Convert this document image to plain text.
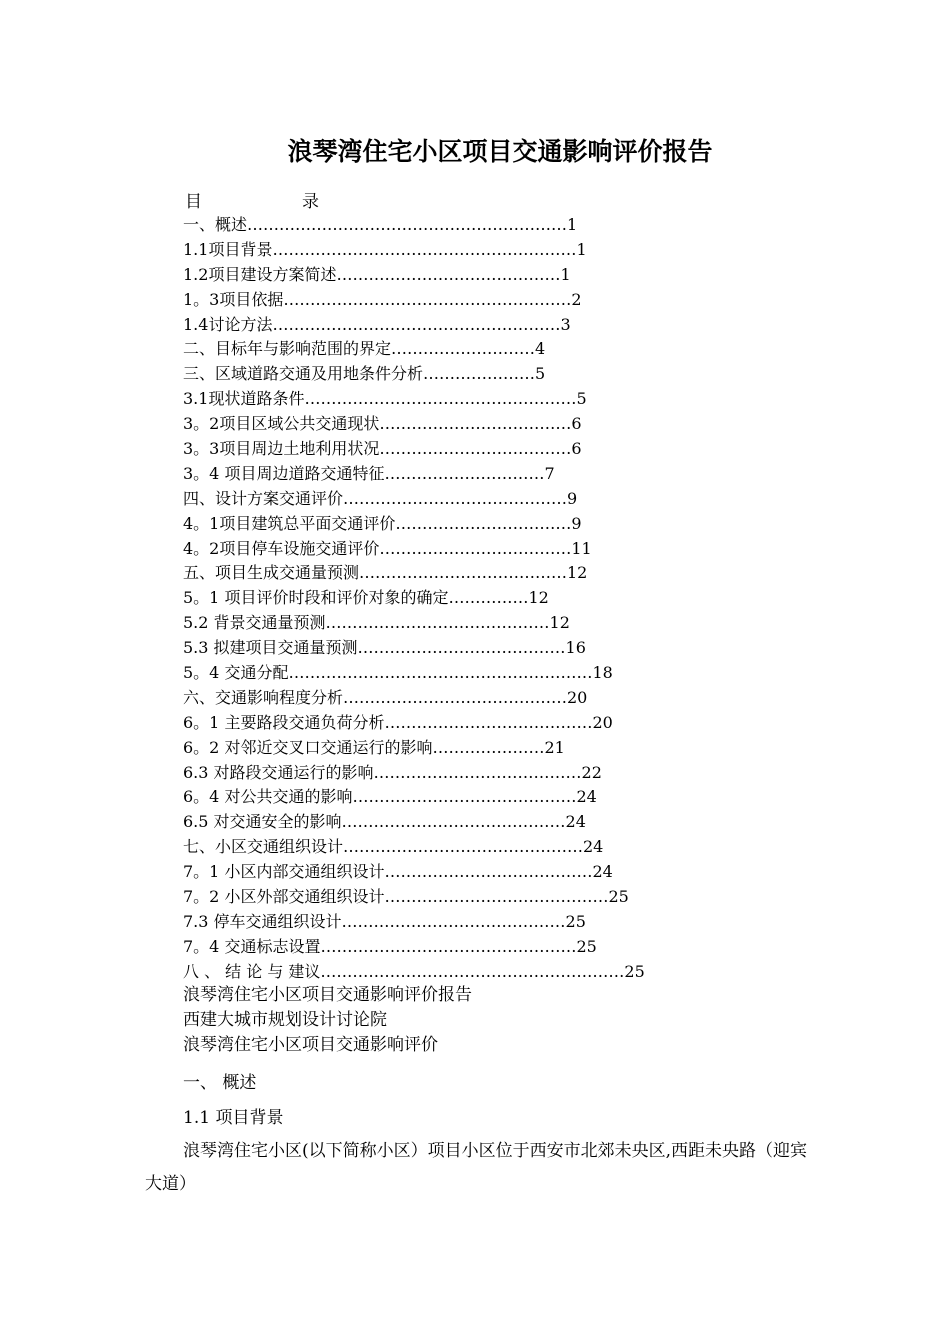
浪琴湾住宅小区项目交通影响评价报告
目	录
一、概述……………………………………………………1
1.1项目背景…………………………………………………1
1.2项目建设方案简述……………………………………1
1。3项目依据………………………………………………2
1.4讨论方法………………………………………………3
二、目标年与影响范围的界定………………………4
三、区域道路交通及用地条件分析…………………5
3.1现状道路条件……………………………………………5
3。2项目区域公共交通现状………………………………6
3。3项目周边土地利用状况………………………………6
3。4 项目周边道路交通特征…………………………7
四、设计方案交通评价……………………………………9
4。1项目建筑总平面交通评价……………………………9
4。2项目停车设施交通评价………………………………11
五、项目生成交通量预测…………………………………12
5。1 项目评价时段和评价对象的确定……………12
5.2 背景交通量预测……………………………………12
5.3 拟建项目交通量预测…………………………………16
5。4 交通分配…………………………………………………18
六、交通影响程度分析……………………………………20
6。1 主要路段交通负荷分析…………………………………20
6。2 对邻近交叉口交通运行的影响…………………21
6.3 对路段交通运行的影响…………………………………22
6。4 对公共交通的影响……………………………………24
6.5 对交通安全的影响……………………………………24
七、小区交通组织设计………………………………………24
7。1 小区内部交通组织设计…………………………………24
7。2 小区外部交通组织设计……………………………………25
7.3 停车交通组织设计……………………………………25
7。4 交通标志设置…………………………………………25
八 、 结 论 与 建议…………………………………………………25
浪琴湾住宅小区项目交通影响评价报告
西建大城市规划设计讨论院
浪琴湾住宅小区项目交通影响评价
一、 概述
1.1 项目背景
浪琴湾住宅小区(以下简称小区）项目小区位于西安市北郊未央区,西距未央路（迎宾大道）
